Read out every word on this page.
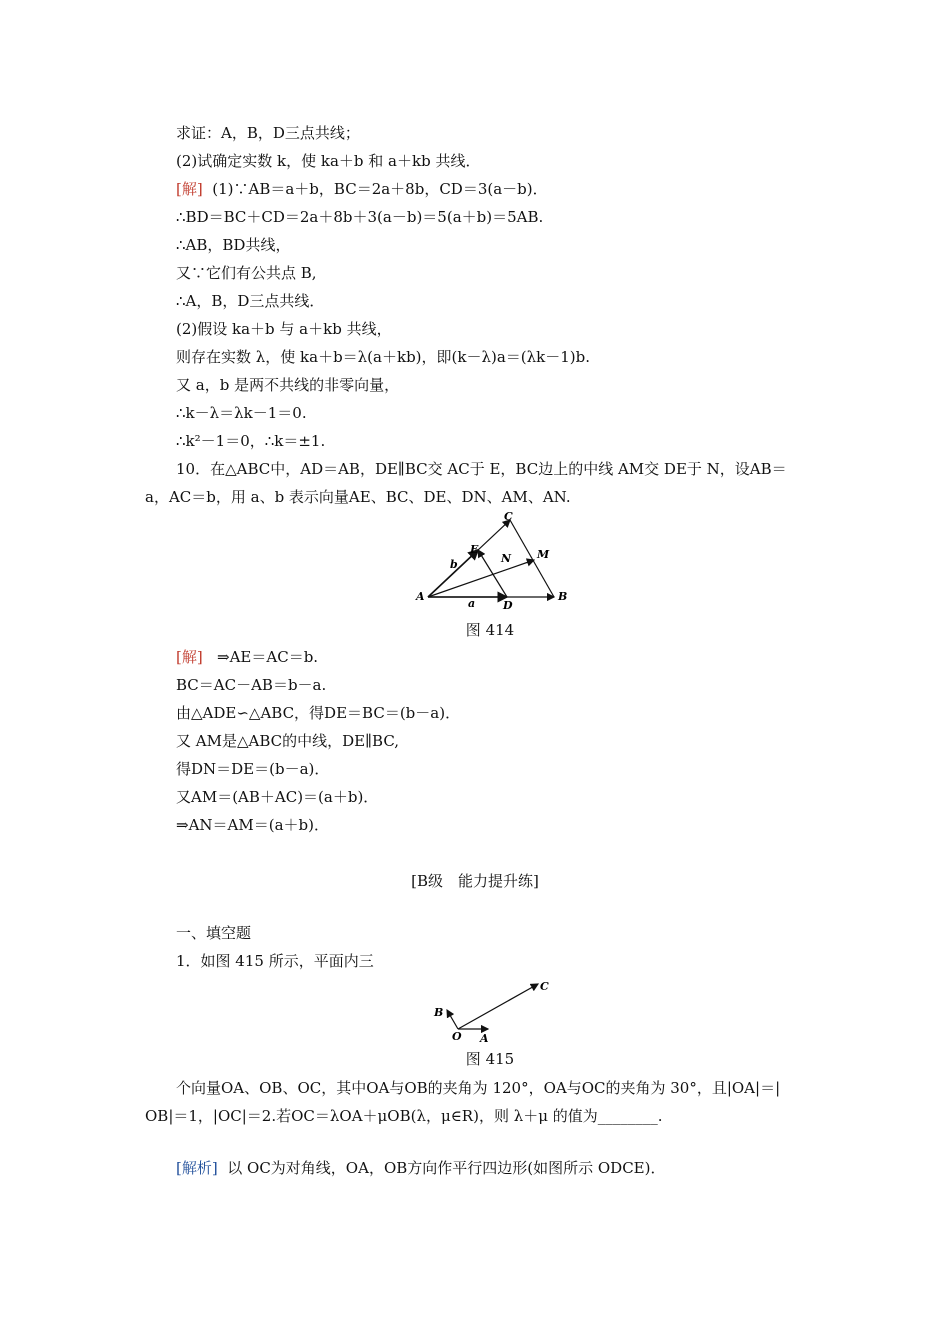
求证：A，B，D三点共线；
(2)试确定实数 k，使 ka＋b 和 a＋kb 共线．
[解] (1)∵AB＝a＋b，BC＝2a＋8b，CD＝3(a－b)．
∴BD＝BC＋CD＝2a＋8b＋3(a－b)＝5(a＋b)＝5AB.
∴AB，BD共线，
又∵它们有公共点 B,
∴A，B，D三点共线．
(2)假设 ka＋b 与 a＋kb 共线，
则存在实数 λ，使 ka＋b＝λ(a＋kb)，即(k－λ)a＝(λk－1)b.
又 a，b 是两不共线的非零向量，
∴k－λ＝λk－1＝0.
∴k²－1＝0，∴k＝±1.
10．在△ABC中，AD＝AB，DE∥BC交 AC于 E，BC边上的中线 AM交 DE于 N，设AB＝
a，AC＝b，用 a、b 表示向量AE、BC、DE、DN、AM、AN.
A	B
C
D
E
N M
a
b
图 414
[解] ⇒AE＝AC＝b.
BC＝AC－AB＝b－a.
由△ADE∽△ABC，得DE＝BC＝(b－a)．
又 AM是△ABC的中线，DE∥BC,
得DN＝DE＝(b－a)．
又AM＝(AB＋AC)＝(a＋b)．
⇒AN＝AM＝(a＋b)．
[B级　能力提升练]
一、填空题
1．如图 415 所示，平面内三
B
O A
C
图 415
个向量OA、OB、OC，其中OA与OB的夹角为 120°，OA与OC的夹角为 30°，且|OA|＝|
OB|＝1，|OC|＝2.若OC＝λOA＋μOB(λ，μ∈R)，则 λ＋μ 的值为________.
[解析] 以 OC为对角线，OA，OB方向作平行四边形(如图所示 ODCE)．
